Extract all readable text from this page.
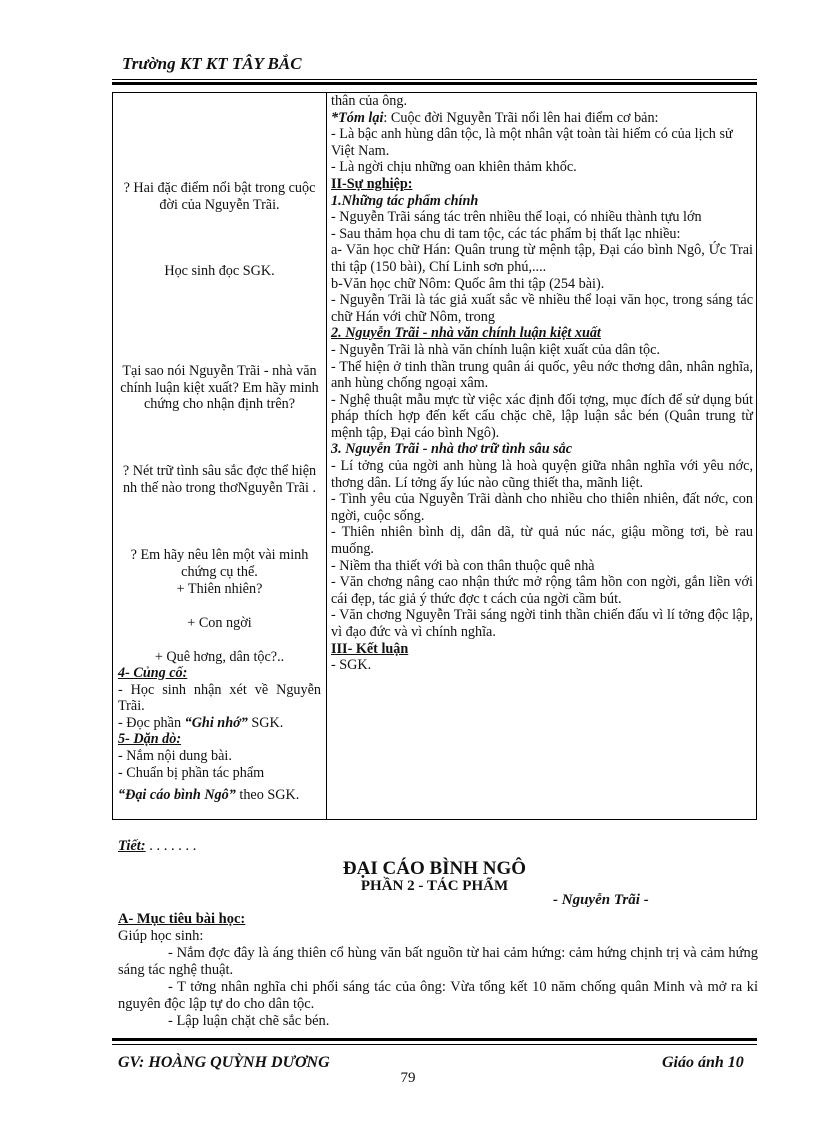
Trường KT KT TÂY BẮC
? Hai đặc điểm nổi bật trong cuộc đời của Nguyễn Trãi.
Học sinh đọc SGK.
Tại sao nói Nguyễn Trãi - nhà văn chính luận kiệt xuất? Em hãy minh chứng cho nhận định trên?
? Nét trữ tình sâu sắc đợc thể hiện nh thế nào trong thơNguyễn Trãi .
? Em hãy nêu lên một vài minh chứng cụ thể.
+ Thiên nhiên?
+ Con ngời
+ Quê hơng, dân tộc?..

4- Củng cố:

- Học sinh nhận xét về Nguyễn Trãi.

- Đọc phần “Ghi nhớ” SGK.

5- Dặn dò:

- Nắm nội dung bài.

- Chuẩn bị phần tác phẩm

“Đại cáo bình Ngô” theo SGK.

thân của ông.

*Tóm lại: Cuộc đời Nguyễn Trãi nổi lên hai điểm cơ bản:

- Là bậc anh hùng dân tộc, là một nhân vật toàn tài hiếm có của lịch sử Việt Nam.

- Là ngời chịu những oan khiên thảm khốc.

II-Sự nghiệp:

1.Những tác phẩm chính

- Nguyễn Trãi sáng tác trên nhiều thể loại, có nhiều thành tựu lớn

- Sau thảm họa chu di tam tộc, các tác phẩm bị thất lạc nhiều:

a- Văn học chữ Hán: Quân trung từ mệnh tập, Đại cáo bình Ngô, Ức Trai thi tập (150 bài), Chí Linh sơn phú,....

b-Văn học chữ Nôm: Quốc âm thi tập (254 bài).

- Nguyễn Trãi là tác giả xuất sắc về nhiều thể loại văn học, trong sáng tác chữ Hán với chữ Nôm, trong

2. Nguyễn Trãi - nhà văn chính luận kiệt xuất

- Nguyễn Trãi là nhà văn chính luận kiệt xuất của dân tộc.

- Thể hiện ở tinh thần trung quân ái quốc, yêu nớc thơng dân, nhân nghĩa, anh hùng chống ngoại xâm.

- Nghệ thuật mẫu mực từ việc xác định đối tợng, mục đích để sử dụng bút pháp thích hợp đến kết cấu chặc chẽ, lập luận sắc bén (Quân trung từ mệnh tập, Đại cáo bình Ngô).

3. Nguyễn Trãi - nhà thơ trữ tình sâu sắc

- Lí tởng của ngời anh hùng là hoà quyện giữa nhân nghĩa với yêu nớc, thơng dân. Lí tởng ấy lúc nào cũng thiết tha, mãnh liệt.

- Tình yêu của Nguyễn Trãi dành cho nhiều cho thiên nhiên, đất nớc, con ngời, cuộc sống.

- Thiên nhiên bình dị, dân dã, từ quả núc nác, giậu mồng tơi, bè rau muống.

- Niềm tha thiết với bà con thân thuộc quê nhà

- Văn chơng nâng cao nhận thức mở rộng tâm hồn con ngời, gắn liền với cái đẹp, tác giả ý thức đợc t cách của ngời cầm bút.

- Văn chơng Nguyễn Trãi sáng ngời tinh thần chiến đấu vì lí tởng độc lập, vì đạo đức và vì chính nghĩa.

III- Kết luận

- SGK.

Tiết: . . . . . . .
ĐẠI CÁO BÌNH NGÔ
PHẦN 2 - TÁC PHẨM
- Nguyễn Trãi -

A- Mục tiêu bài học:

Giúp học sinh:

- Nắm đợc đây là áng thiên cổ hùng văn bất nguồn từ hai cảm hứng: cảm hứng chịnh trị và cảm hứng sáng tác nghệ thuật.

- T tởng nhân nghĩa chi phối sáng tác của ông: Vừa tổng kết 10 năm chống quân Minh và mở ra kỉ nguyên độc lập tự do cho dân tộc.

- Lập luận chặt chẽ sắc bén.

GV: HOÀNG QUỲNH DƯƠNG	Giáo ánh 10
79
